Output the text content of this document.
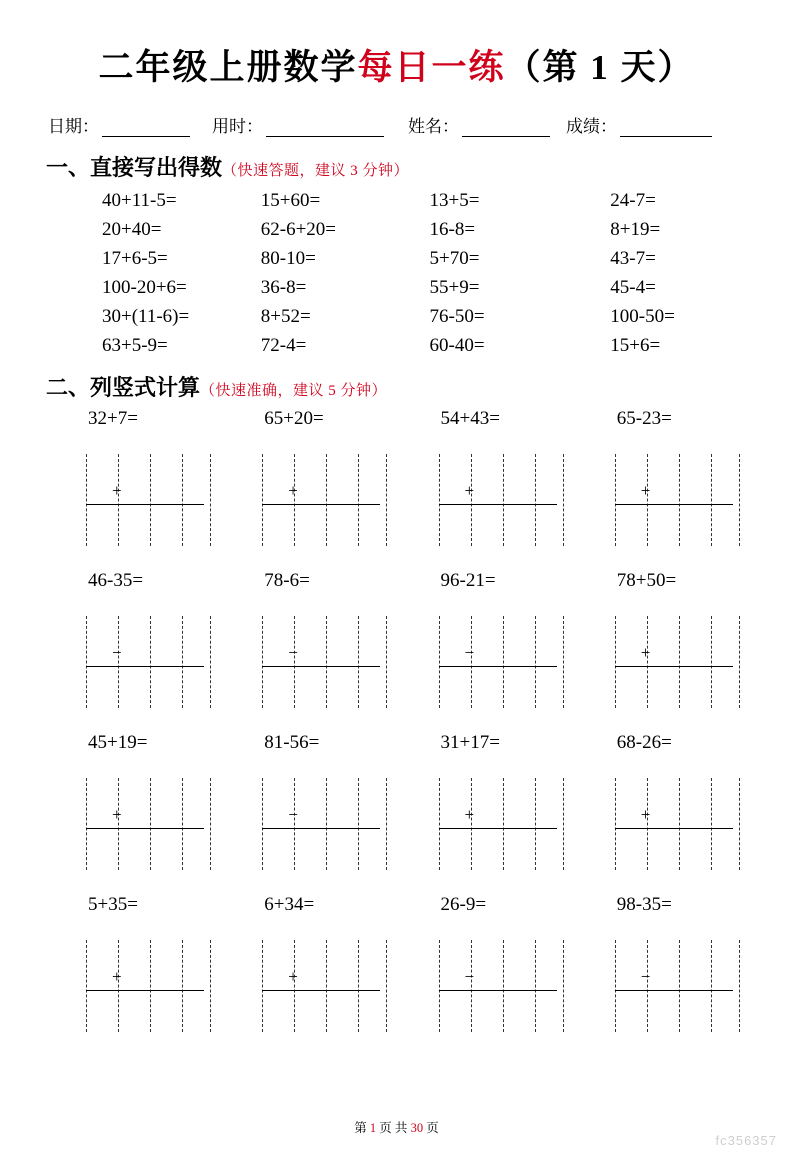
二年级上册数学每日一练（第 1 天）
日期：	用时：	姓名：	成绩：
一、直接写出得数（快速答题，建议 3 分钟）
40+11-5=	15+60=	13+5=	24-7=
20+40=	62-6+20=	16-8=	8+19=
17+6-5=	80-10=	5+70=	43-7=
100-20+6=	36-8=	55+9=	45-4=
30+(11-6)=	8+52=	76-50=	100-50=
63+5-9=	72-4=	60-40=	15+6=
二、列竖式计算（快速准确，建议 5 分钟）
32+7=
+
65+20=
+
54+43=
+
65-23=
+
46-35=
−
78-6=
−
96-21=
−
78+50=
+
45+19=
+
81-56=
−
31+17=
+
68-26=
+
5+35=
+
6+34=
+
26-9=
−
98-35=
−
第 1 页 共 30 页
fc356357
